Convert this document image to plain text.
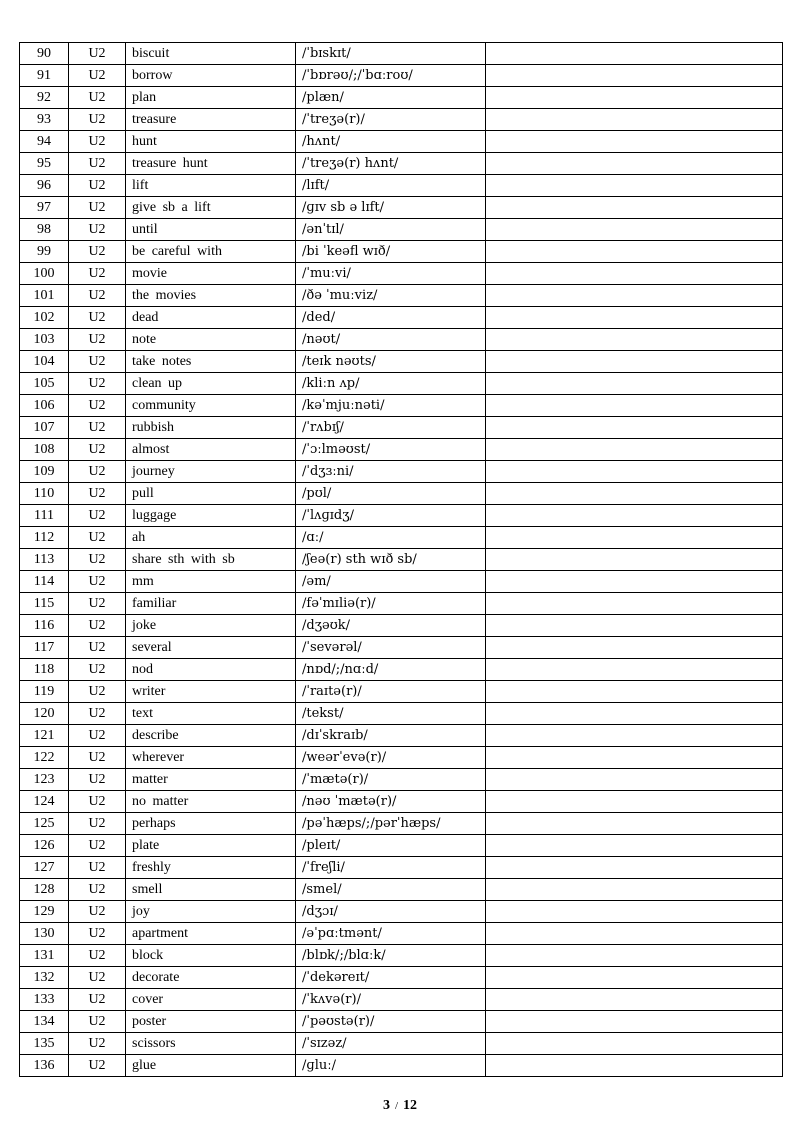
90	U2	biscuit	/ˈbɪskɪt/	
91	U2	borrow	/ˈbɒrəʊ/;/ˈbɑːroʊ/	
92	U2	plan	/plæn/	
93	U2	treasure	/ˈtreʒə(r)/	
94	U2	hunt	/hʌnt/	
95	U2	treasure hunt	/ˈtreʒə(r) hʌnt/	
96	U2	lift	/lɪft/	
97	U2	give sb a lift	/ɡɪv sb ə lɪft/	
98	U2	until	/ənˈtɪl/	
99	U2	be careful with	/bi ˈkeəfl wɪð/	
100	U2	movie	/ˈmuːvi/	
101	U2	the movies	/ðə ˈmuːviz/	
102	U2	dead	/ded/	
103	U2	note	/nəʊt/	
104	U2	take notes	/teɪk nəʊts/	
105	U2	clean up	/kliːn ʌp/	
106	U2	community	/kəˈmjuːnəti/	
107	U2	rubbish	/ˈrʌbɪʃ/	
108	U2	almost	/ˈɔːlməʊst/	
109	U2	journey	/ˈdʒɜːni/	
110	U2	pull	/pʊl/	
111	U2	luggage	/ˈlʌɡɪdʒ/	
112	U2	ah	/ɑː/	
113	U2	share sth with sb	/ʃeə(r) sth wɪð sb/	
114	U2	mm	/əm/	
115	U2	familiar	/fəˈmɪliə(r)/	
116	U2	joke	/dʒəʊk/	
117	U2	several	/ˈsevərəl/	
118	U2	nod	/nɒd/;/nɑːd/	
119	U2	writer	/ˈraɪtə(r)/	
120	U2	text	/tekst/	
121	U2	describe	/dɪˈskraɪb/	
122	U2	wherever	/weərˈevə(r)/	
123	U2	matter	/ˈmætə(r)/	
124	U2	no matter	/nəʊ ˈmætə(r)/	
125	U2	perhaps	/pəˈhæps/;/pərˈhæps/	
126	U2	plate	/pleɪt/	
127	U2	freshly	/ˈfreʃli/	
128	U2	smell	/smel/	
129	U2	joy	/dʒɔɪ/	
130	U2	apartment	/əˈpɑːtmənt/	
131	U2	block	/blɒk/;/blɑːk/	
132	U2	decorate	/ˈdekəreɪt/	
133	U2	cover	/ˈkʌvə(r)/	
134	U2	poster	/ˈpəʊstə(r)/	
135	U2	scissors	/ˈsɪzəz/	
136	U2	glue	/ɡluː/	
3 / 12
